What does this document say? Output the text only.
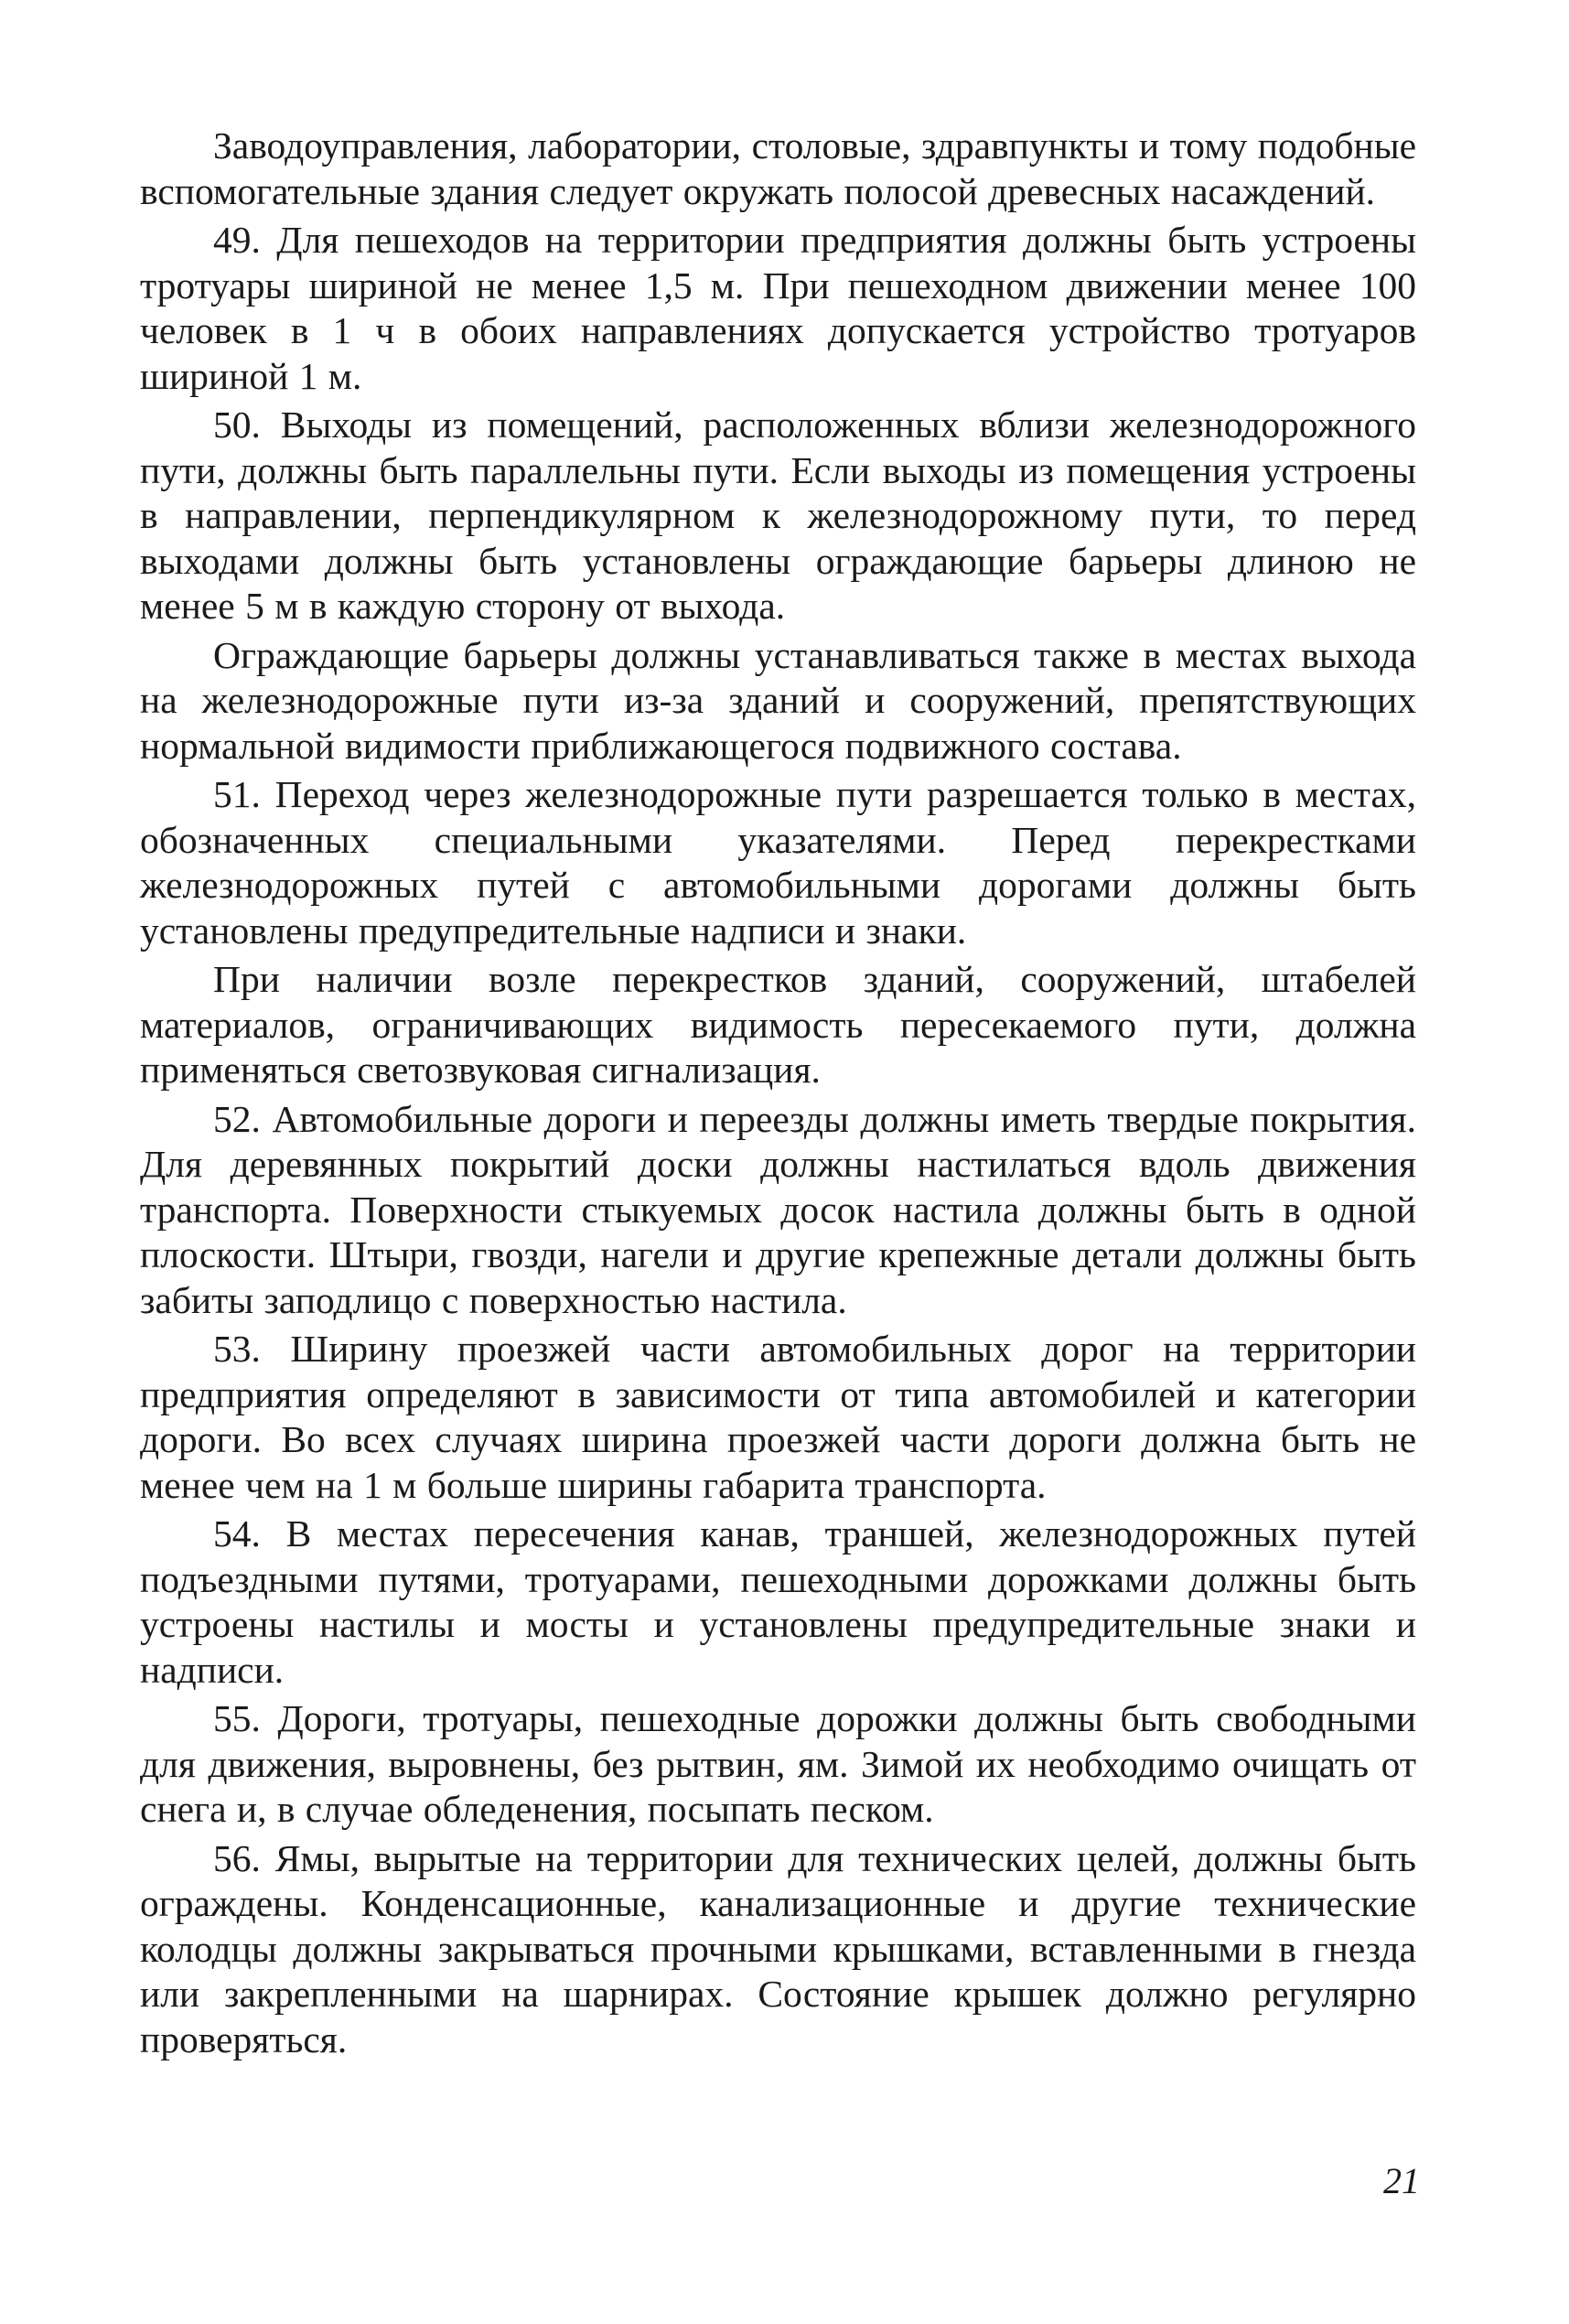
Заводоуправления, лаборатории, столовые, здравпункты и тому подобные вспомогательные здания следует окружать полосой древесных насаждений.

49. Для пешеходов на территории предприятия должны быть устроены тротуары шириной не менее 1,5 м. При пешеходном движении менее 100 человек в 1 ч в обоих направлениях допускается устройство тротуаров шириной 1 м.

50. Выходы из помещений, расположенных вблизи железнодорожного пути, должны быть параллельны пути. Если выходы из помещения устроены в направлении, перпендикулярном к железнодорожному пути, то перед выходами должны быть установлены ограждающие барьеры длиною не менее 5 м в каждую сторону от выхода.

Ограждающие барьеры должны устанавливаться также в местах выхода на железнодорожные пути из-за зданий и сооружений, препятствующих нормальной видимости приближающегося подвижного состава.

51. Переход через железнодорожные пути разрешается только в местах, обозначенных специальными указателями. Перед перекрестками железнодорожных путей с автомобильными дорогами должны быть установлены предупредительные надписи и знаки.

При наличии возле перекрестков зданий, сооружений, штабелей материалов, ограничивающих видимость пересекаемого пути, должна применяться светозвуковая сигнализация.

52. Автомобильные дороги и переезды должны иметь твердые покрытия. Для деревянных покрытий доски должны настилаться вдоль движения транспорта. Поверхности стыкуемых досок настила должны быть в одной плоскости. Штыри, гвозди, нагели и другие крепежные детали должны быть забиты заподлицо с поверхностью настила.

53. Ширину проезжей части автомобильных дорог на территории предприятия определяют в зависимости от типа автомобилей и категории дороги. Во всех случаях ширина проезжей части дороги должна быть не менее чем на 1 м больше ширины габарита транспорта.

54. В местах пересечения канав, траншей, железнодорожных путей подъездными путями, тротуарами, пешеходными дорожками должны быть устроены настилы и мосты и установлены предупредительные знаки и надписи.

55. Дороги, тротуары, пешеходные дорожки должны быть свободными для движения, выровнены, без рытвин, ям. Зимой их необходимо очищать от снега и, в случае обледенения, посыпать песком.

56. Ямы, вырытые на территории для технических целей, должны быть ограждены. Конденсационные, канализационные и другие технические колодцы должны закрываться прочными крышками, вставленными в гнезда или закрепленными на шарнирах. Состояние крышек должно регулярно проверяться.

21
